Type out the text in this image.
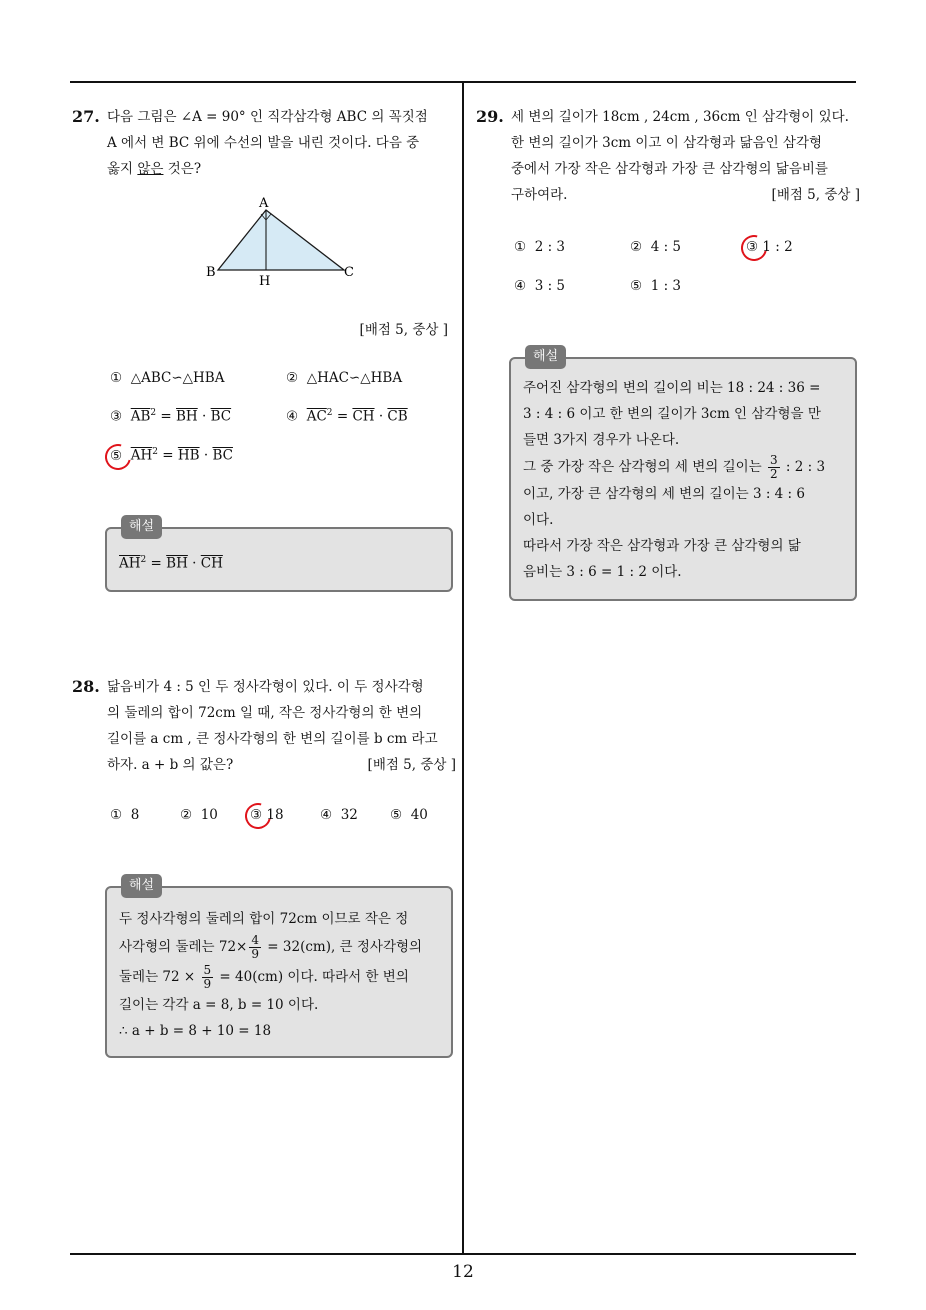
27. 다음 그림은 ∠A = 90° 인 직각삼각형 ABC 의 꼭짓점

A 에서 변 BC 위에 수선의 발을 내린 것이다. 다음 중

옳지 않은 것은?

A
B	C
H
[배점 5, 중상 ]
① △ABC∽△HBA	② △HAC∽△HBA
③ $\overline{AB}^2 = \overline{BH} \cdot \overline{BC}$	④ $\overline{AC}^2 = \overline{CH} \cdot \overline{CB}$
⑤ $\overline{AH}^2 = \overline{HB} \cdot \overline{BC}$
해설

$\overline{AH}^2 = \overline{BH} \cdot \overline{CH}$

28. 닮음비가 4 : 5 인 두 정사각형이 있다. 이 두 정사각형

의 둘레의 합이 72cm 일 때, 작은 정사각형의 한 변의

길이를 a cm , 큰 정사각형의 한 변의 길이를 b cm 라고

하자. a + b 의 값은?	[배점 5, 중상 ]

① 8	② 10 ③ 18	④ 32 ⑤ 40
해설

두 정사각형의 둘레의 합이 72cm 이므로 작은 정

사각형의 둘레는 $72\times \frac{4}{9} = 32(cm)$, 큰 정사각형의

둘레는 $72 \times \frac{5}{9} = 40(cm)$ 이다. 따라서 한 변의

길이는 각각 a = 8, b = 10 이다.

∴ a + b = 8 + 10 = 18

29. 세 변의 길이가 18cm , 24cm , 36cm 인 삼각형이 있다.

한 변의 길이가 3cm 이고 이 삼각형과 닮음인 삼각형

중에서 가장 작은 삼각형과 가장 큰 삼각형의 닮음비를

구하여라.	[배점 5, 중상 ]

① 2 : 3	② 4 : 5	③ 1 : 2
④ 3 : 5	⑤ 1 : 3
해설

주어진 삼각형의 변의 길이의 비는 18 : 24 : 36 =

3 : 4 : 6 이고 한 변의 길이가 3cm 인 삼각형을 만

들면 3가지 경우가 나온다.

그 중 가장 작은 삼각형의 세 변의 길이는 $\frac{3}{2}$ : 2 : 3

이고, 가장 큰 삼각형의 세 변의 길이는 3 : 4 : 6

이다.

따라서 가장 작은 삼각형과 가장 큰 삼각형의 닮

음비는 3 : 6 = 1 : 2 이다.

12
